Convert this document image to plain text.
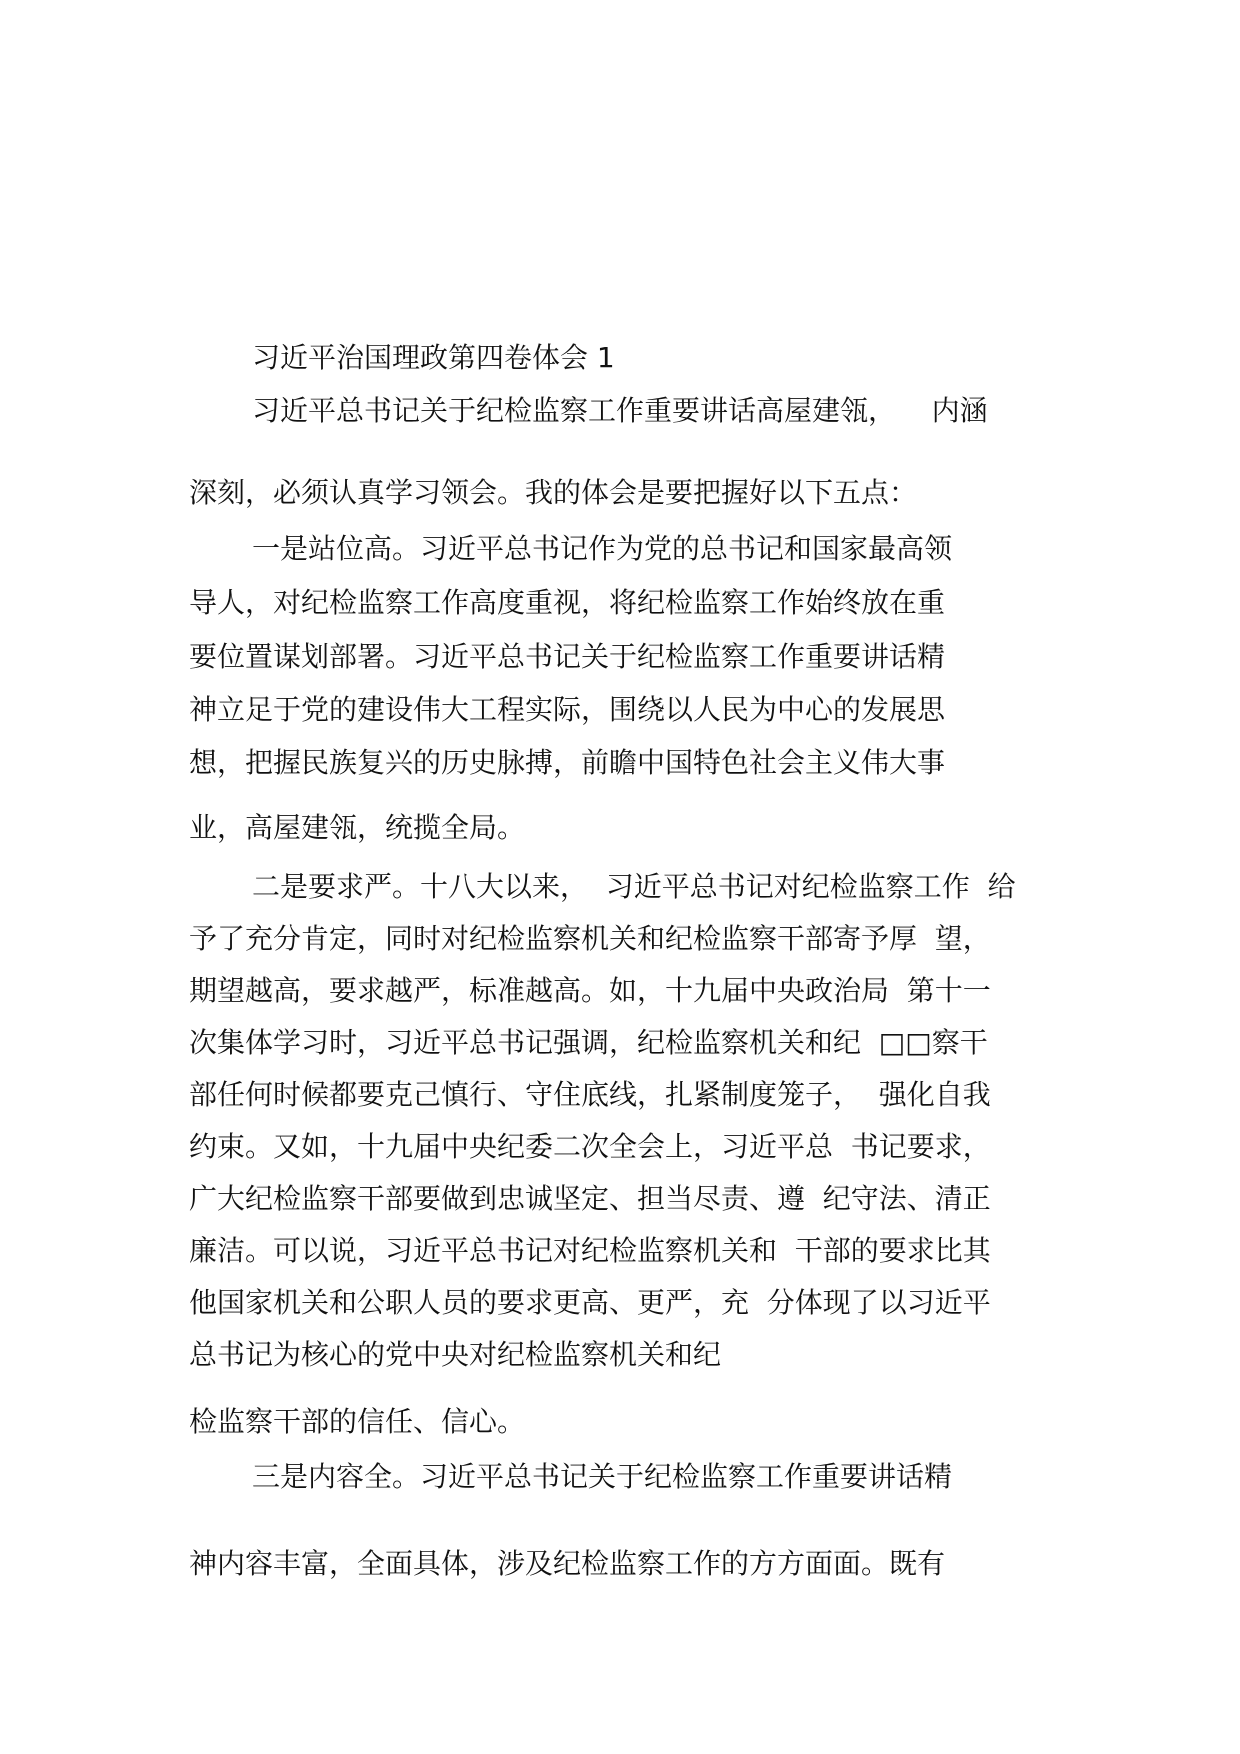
习近平治国理政第四卷体会 1
习近平总书记关于纪检监察工作重要讲话高屋建瓴，    内涵
深刻，必须认真学习领会。我的体会是要把握好以下五点：
一是站位高。习近平总书记作为党的总书记和国家最高领
导人，对纪检监察工作高度重视，将纪检监察工作始终放在重
要位置谋划部署。习近平总书记关于纪检监察工作重要讲话精
神立足于党的建设伟大工程实际，围绕以人民为中心的发展思
想，把握民族复兴的历史脉搏，前瞻中国特色社会主义伟大事
业，高屋建瓴，统揽全局。
二是要求严。十八大以来，  习近平总书记对纪检监察工作  给
予了充分肯定，同时对纪检监察机关和纪检监察干部寄予厚  望，
期望越高，要求越严，标准越高。如，十九届中央政治局  第十一
次集体学习时，习近平总书记强调，纪检监察机关和纪  □□察干
部任何时候都要克己慎行、守住底线，扎紧制度笼子，  强化自我
约束。又如，十九届中央纪委二次全会上，习近平总  书记要求，
广大纪检监察干部要做到忠诚坚定、担当尽责、遵  纪守法、清正
廉洁。可以说，习近平总书记对纪检监察机关和  干部的要求比其
他国家机关和公职人员的要求更高、更严，充  分体现了以习近平
总书记为核心的党中央对纪检监察机关和纪
检监察干部的信任、信心。
三是内容全。习近平总书记关于纪检监察工作重要讲话精
神内容丰富，全面具体，涉及纪检监察工作的方方面面。既有
